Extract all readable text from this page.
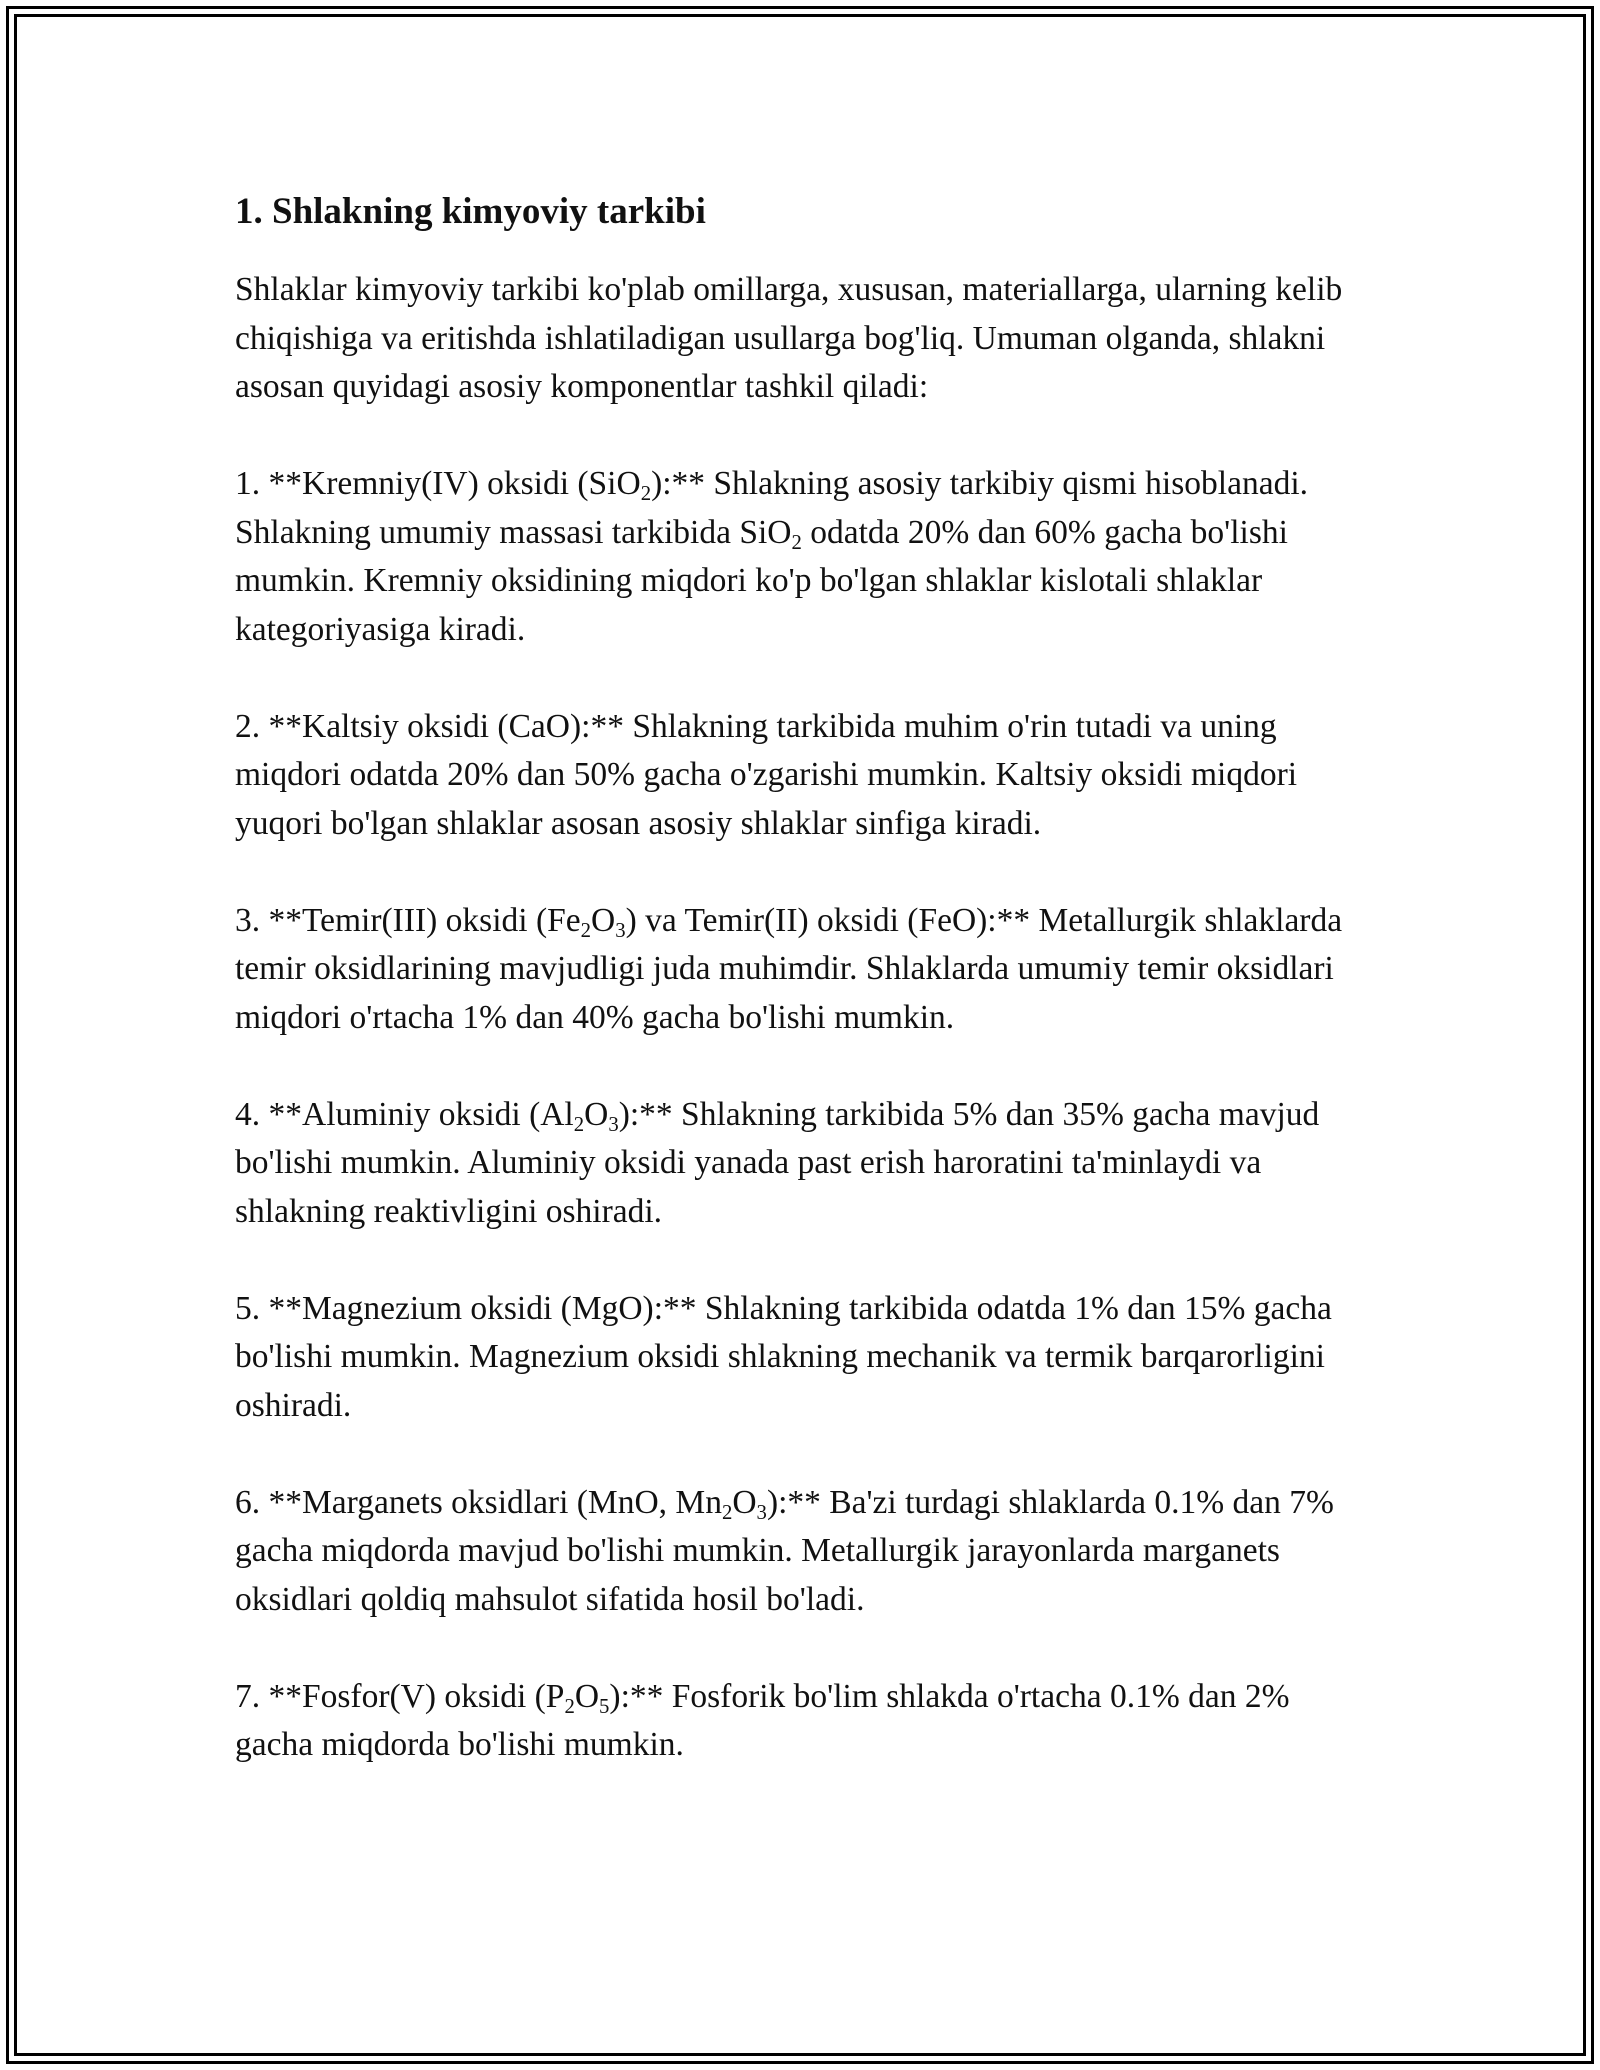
1. Shlakning kimyoviy tarkibi

Shlaklar kimyoviy tarkibi ko'plab omillarga, xususan, materiallarga, ularning kelib chiqishiga va eritishda ishlatiladigan usullarga bog'liq. Umuman olganda, shlakni asosan quyidagi asosiy komponentlar tashkil qiladi:

1. **Kremniy(IV) oksidi (SiO$_2$):** Shlakning asosiy tarkibiy qismi hisoblanadi. Shlakning umumiy massasi tarkibida SiO$_2$ odatda 20% dan 60% gacha bo'lishi mumkin. Kremniy oksidining miqdori ko'p bo'lgan shlaklar kislotali shlaklar kategoriyasiga kiradi.

2. **Kaltsiy oksidi (CaO):** Shlakning tarkibida muhim o'rin tutadi va uning miqdori odatda 20% dan 50% gacha o'zgarishi mumkin. Kaltsiy oksidi miqdori yuqori bo'lgan shlaklar asosan asosiy shlaklar sinfiga kiradi.

3. **Temir(III) oksidi $(Fe_2O_3)$ va Temir(II) oksidi (FeO):** Metallurgik shlaklarda temir oksidlarining mavjudligi juda muhimdir. Shlaklarda umumiy temir oksidlari miqdori o'rtacha 1% dan 40% gacha bo'lishi mumkin.

4. **Aluminiy oksidi $(Al_2O_3):**$ Shlakning tarkibida 5% dan 35% gacha mavjud bo'lishi mumkin. Aluminiy oksidi yanada past erish haroratini ta'minlaydi va shlakning reaktivligini oshiradi.

5. **Magnezium oksidi (MgO):** Shlakning tarkibida odatda 1% dan 15% gacha bo'lishi mumkin. Magnezium oksidi shlakning mechanik va termik barqarorligini oshiradi.

6. **Marganets oksidlari (MnO, $Mn_2O_3):**$ Ba'zi turdagi shlaklarda 0.1% dan 7% gacha miqdorda mavjud bo'lishi mumkin. Metallurgik jarayonlarda marganets oksidlari qoldiq mahsulot sifatida hosil bo'ladi.

7. **Fosfor(V) oksidi $(P_2O_5):**$ Fosforik bo'lim shlakda o'rtacha 0.1% dan 2% gacha miqdorda bo'lishi mumkin.
